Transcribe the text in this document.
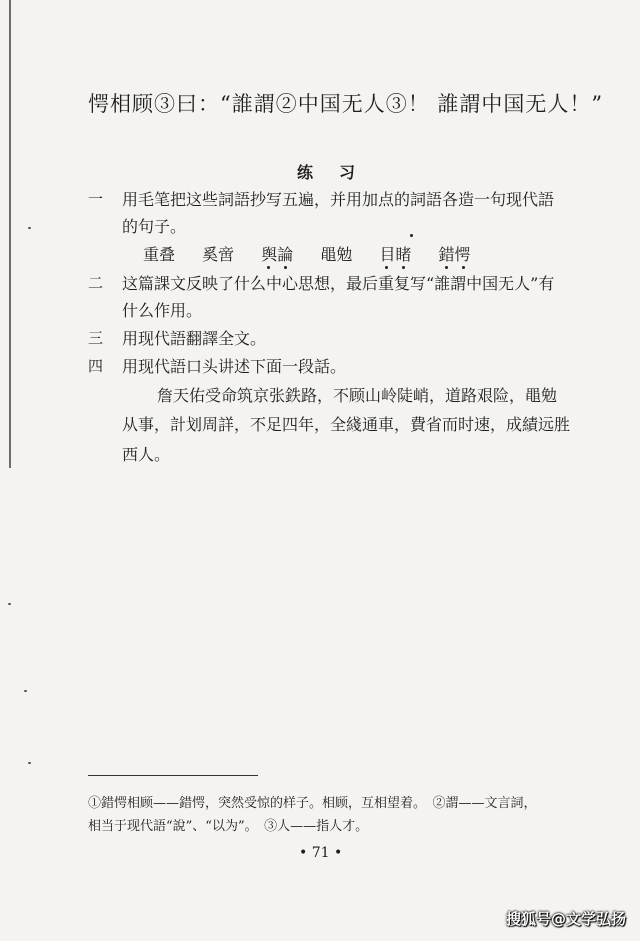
愕相顾③曰：“誰謂②中国无人③！ 誰謂中国无人！”
练习
一 用毛笔把这些詞語抄写五遍，并用加点的詞語各造一句现代語
的句子。
重叠 奚啻 舆論 黽勉 目睹 錯愕
二 这篇課文反映了什么中心思想，最后重复写“誰謂中国无人”有
什么作用。
三 用现代語翻譯全文。
四 用现代語口头讲述下面一段話。
詹天佑受命筑京张鉄路，不顾山岭陡峭，道路艰险，黽勉
从事，計划周詳，不足四年，全綫通車，費省而时速，成績远胜
西人。
①錯愕相顾——錯愕，突然受惊的样子。相顾，互相望着。　②謂——文言詞，
相当于现代語“說”、“以为”。　③人——指人才。
• 71 •
搜狐号@文学弘扬
